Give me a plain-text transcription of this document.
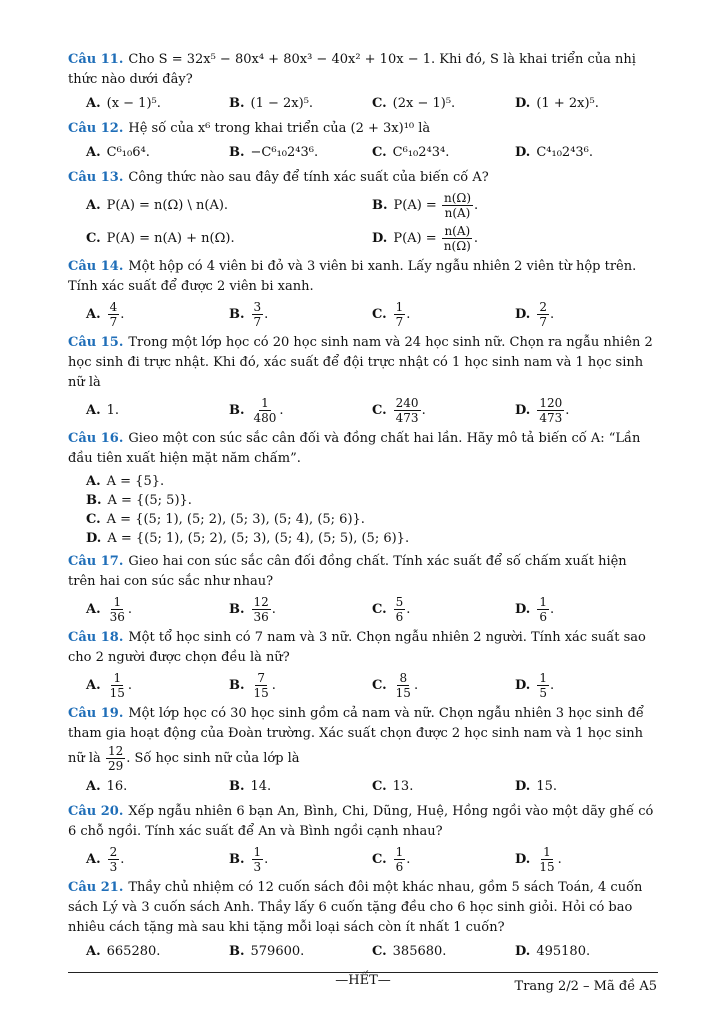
Câu 11. Cho S = 32x⁵ − 80x⁴ + 80x³ − 40x² + 10x − 1. Khi đó, S là khai triển của nhị thức nào dưới đây?
A. (x − 1)⁵.	B. (1 − 2x)⁵.	C. (2x − 1)⁵.	D. (1 + 2x)⁵.
Câu 12. Hệ số của x⁶ trong khai triển của (2 + 3x)¹⁰ là
A. C⁶₁₀6⁴.	B. −C⁶₁₀2⁴3⁶.	C. C⁶₁₀2⁴3⁴.	D. C⁴₁₀2⁴3⁶.
Câu 13. Công thức nào sau đây để tính xác suất của biến cố A?
A. P(A) = n(Ω) \ n(A).	B. P(A) =
$\frac{n(\Omega)}{n(A)}$ .
C. P(A) = n(A) + n(Ω).	D. P(A) =
$\frac{n(A)}{n(\Omega)}$ .
Câu 14. Một hộp có 4 viên bi đỏ và 3 viên bi xanh. Lấy ngẫu nhiên 2 viên từ hộp trên. Tính xác suất để được 2 viên bi xanh.
A. $\frac{4}{7}$ .	B. $\frac{3}{7}$ .	C. $\frac{1}{7}$ .	D. $\frac{2}{7}$ .
Câu 15. Trong một lớp học có 20 học sinh nam và 24 học sinh nữ. Chọn ra ngẫu nhiên 2 học sinh đi trực nhật. Khi đó, xác suất để đội trực nhật có 1 học sinh nam và 1 học sinh nữ là
A. 1.	B. $\frac{1}{480}$ .	C. $\frac{240}{473}$ .	D. $\frac{120}{473}$ .
Câu 16. Gieo một con súc sắc cân đối và đồng chất hai lần. Hãy mô tả biến cố A: “Lần đầu tiên xuất hiện mặt năm chấm”.
A. A = {5}.
B. A = {(5; 5)}.
C. A = {(5; 1), (5; 2), (5; 3), (5; 4), (5; 6)}.
D. A = {(5; 1), (5; 2), (5; 3), (5; 4), (5; 5), (5; 6)}.
Câu 17. Gieo hai con súc sắc cân đối đồng chất. Tính xác suất để số chấm xuất hiện trên hai con súc sắc như nhau?
A. $\frac{1}{36}$ .	B. $\frac{12}{36}$ .	C. $\frac{5}{6}$ .	D. $\frac{1}{6}$ .
Câu 18. Một tổ học sinh có 7 nam và 3 nữ. Chọn ngẫu nhiên 2 người. Tính xác suất sao cho 2 người được chọn đều là nữ?
A. $\frac{1}{15}$ .	B. $\frac{7}{15}$ .	C. $\frac{8}{15}$ .	D. $\frac{1}{5}$ .
Câu 19. Một lớp học có 30 học sinh gồm cả nam và nữ. Chọn ngẫu nhiên 3 học sinh để tham gia hoạt động của Đoàn trường. Xác suất chọn được 2 học sinh nam và 1 học sinh nữ là $\frac{12}{29}$ . Số học sinh nữ của lớp là
A. 16.	B. 14.	C. 13.	D. 15.
Câu 20. Xếp ngẫu nhiên 6 bạn An, Bình, Chi, Dũng, Huệ, Hồng ngồi vào một dãy ghế có 6 chỗ ngồi. Tính xác suất để An và Bình ngồi cạnh nhau?
A. $\frac{2}{3}$ .	B. $\frac{1}{3}$ .	C. $\frac{1}{6}$ .	D. $\frac{1}{15}$ .
Câu 21. Thầy chủ nhiệm có 12 cuốn sách đôi một khác nhau, gồm 5 sách Toán, 4 cuốn sách Lý và 3 cuốn sách Anh. Thầy lấy 6 cuốn tặng đều cho 6 học sinh giỏi. Hỏi có bao nhiêu cách tặng mà sau khi tặng mỗi loại sách còn ít nhất 1 cuốn?
A. 665280.	B. 579600.	C. 385680.	D. 495180.
—HẾT—	Trang 2/2 – Mã đề A5
